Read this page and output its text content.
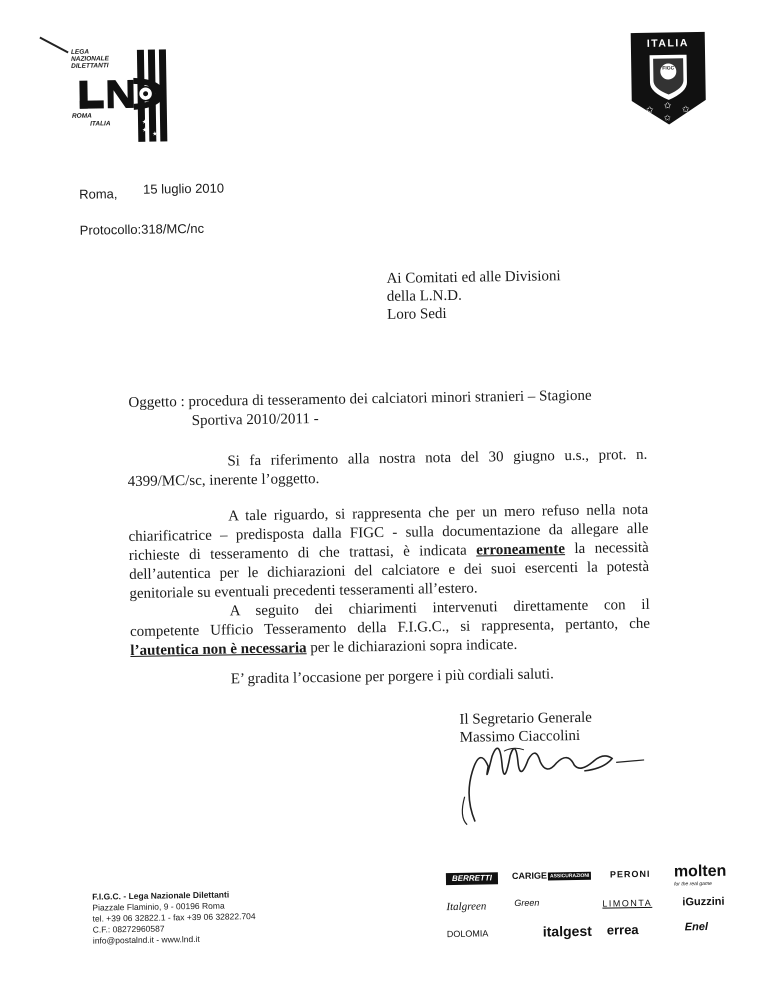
LEGA
NAZIONALE
DILETTANTI
★
★
★ ★
1
9
ROMA
ITALIA
✩ ✩ ✩
✩
ITALIA
FIGC
Roma, 15 luglio 2010
Protocollo:318/MC/nc
Ai Comitati ed alle Divisioni
della L.N.D.
Loro Sedi
Oggetto : procedura di tesseramento dei calciatori minori stranieri – Stagione
Sportiva 2010/2011 -
Si fa riferimento alla nostra nota del 30 giugno u.s., prot. n.
4399/MC/sc, inerente l’oggetto.
A tale riguardo, si rappresenta che per un mero refuso nella nota
chiarificatrice – predisposta dalla FIGC - sulla documentazione da allegare alle
richieste di tesseramento di che trattasi, è indicata erroneamente la necessità
dell’autentica per le dichiarazioni del calciatore e dei suoi esercenti la potestà
genitoriale su eventuali precedenti tesseramenti all’estero.
A seguito dei chiarimenti intervenuti direttamente con il
competente Ufficio Tesseramento della F.I.G.C., si rappresenta, pertanto, che
l’autentica non è necessaria per le dichiarazioni sopra indicate.
E’ gradita l’occasione per porgere i più cordiali saluti.
Il Segretario Generale
Massimo Ciaccolini
F.I.G.C. - Lega Nazionale Dilettanti
Piazzale Flaminio, 9 - 00196 Roma
tel. +39 06 32822.1 - fax +39 06 32822.704
C.F.: 08272960587
info@postalnd.it - www.lnd.it
BERRETTI	CARIGE ASSICURAZIONI PERONI molten
for the real game
Italgreen	Green	LIMONTA	iGuzzini
DOLOMIA	italgest errea	Enel
